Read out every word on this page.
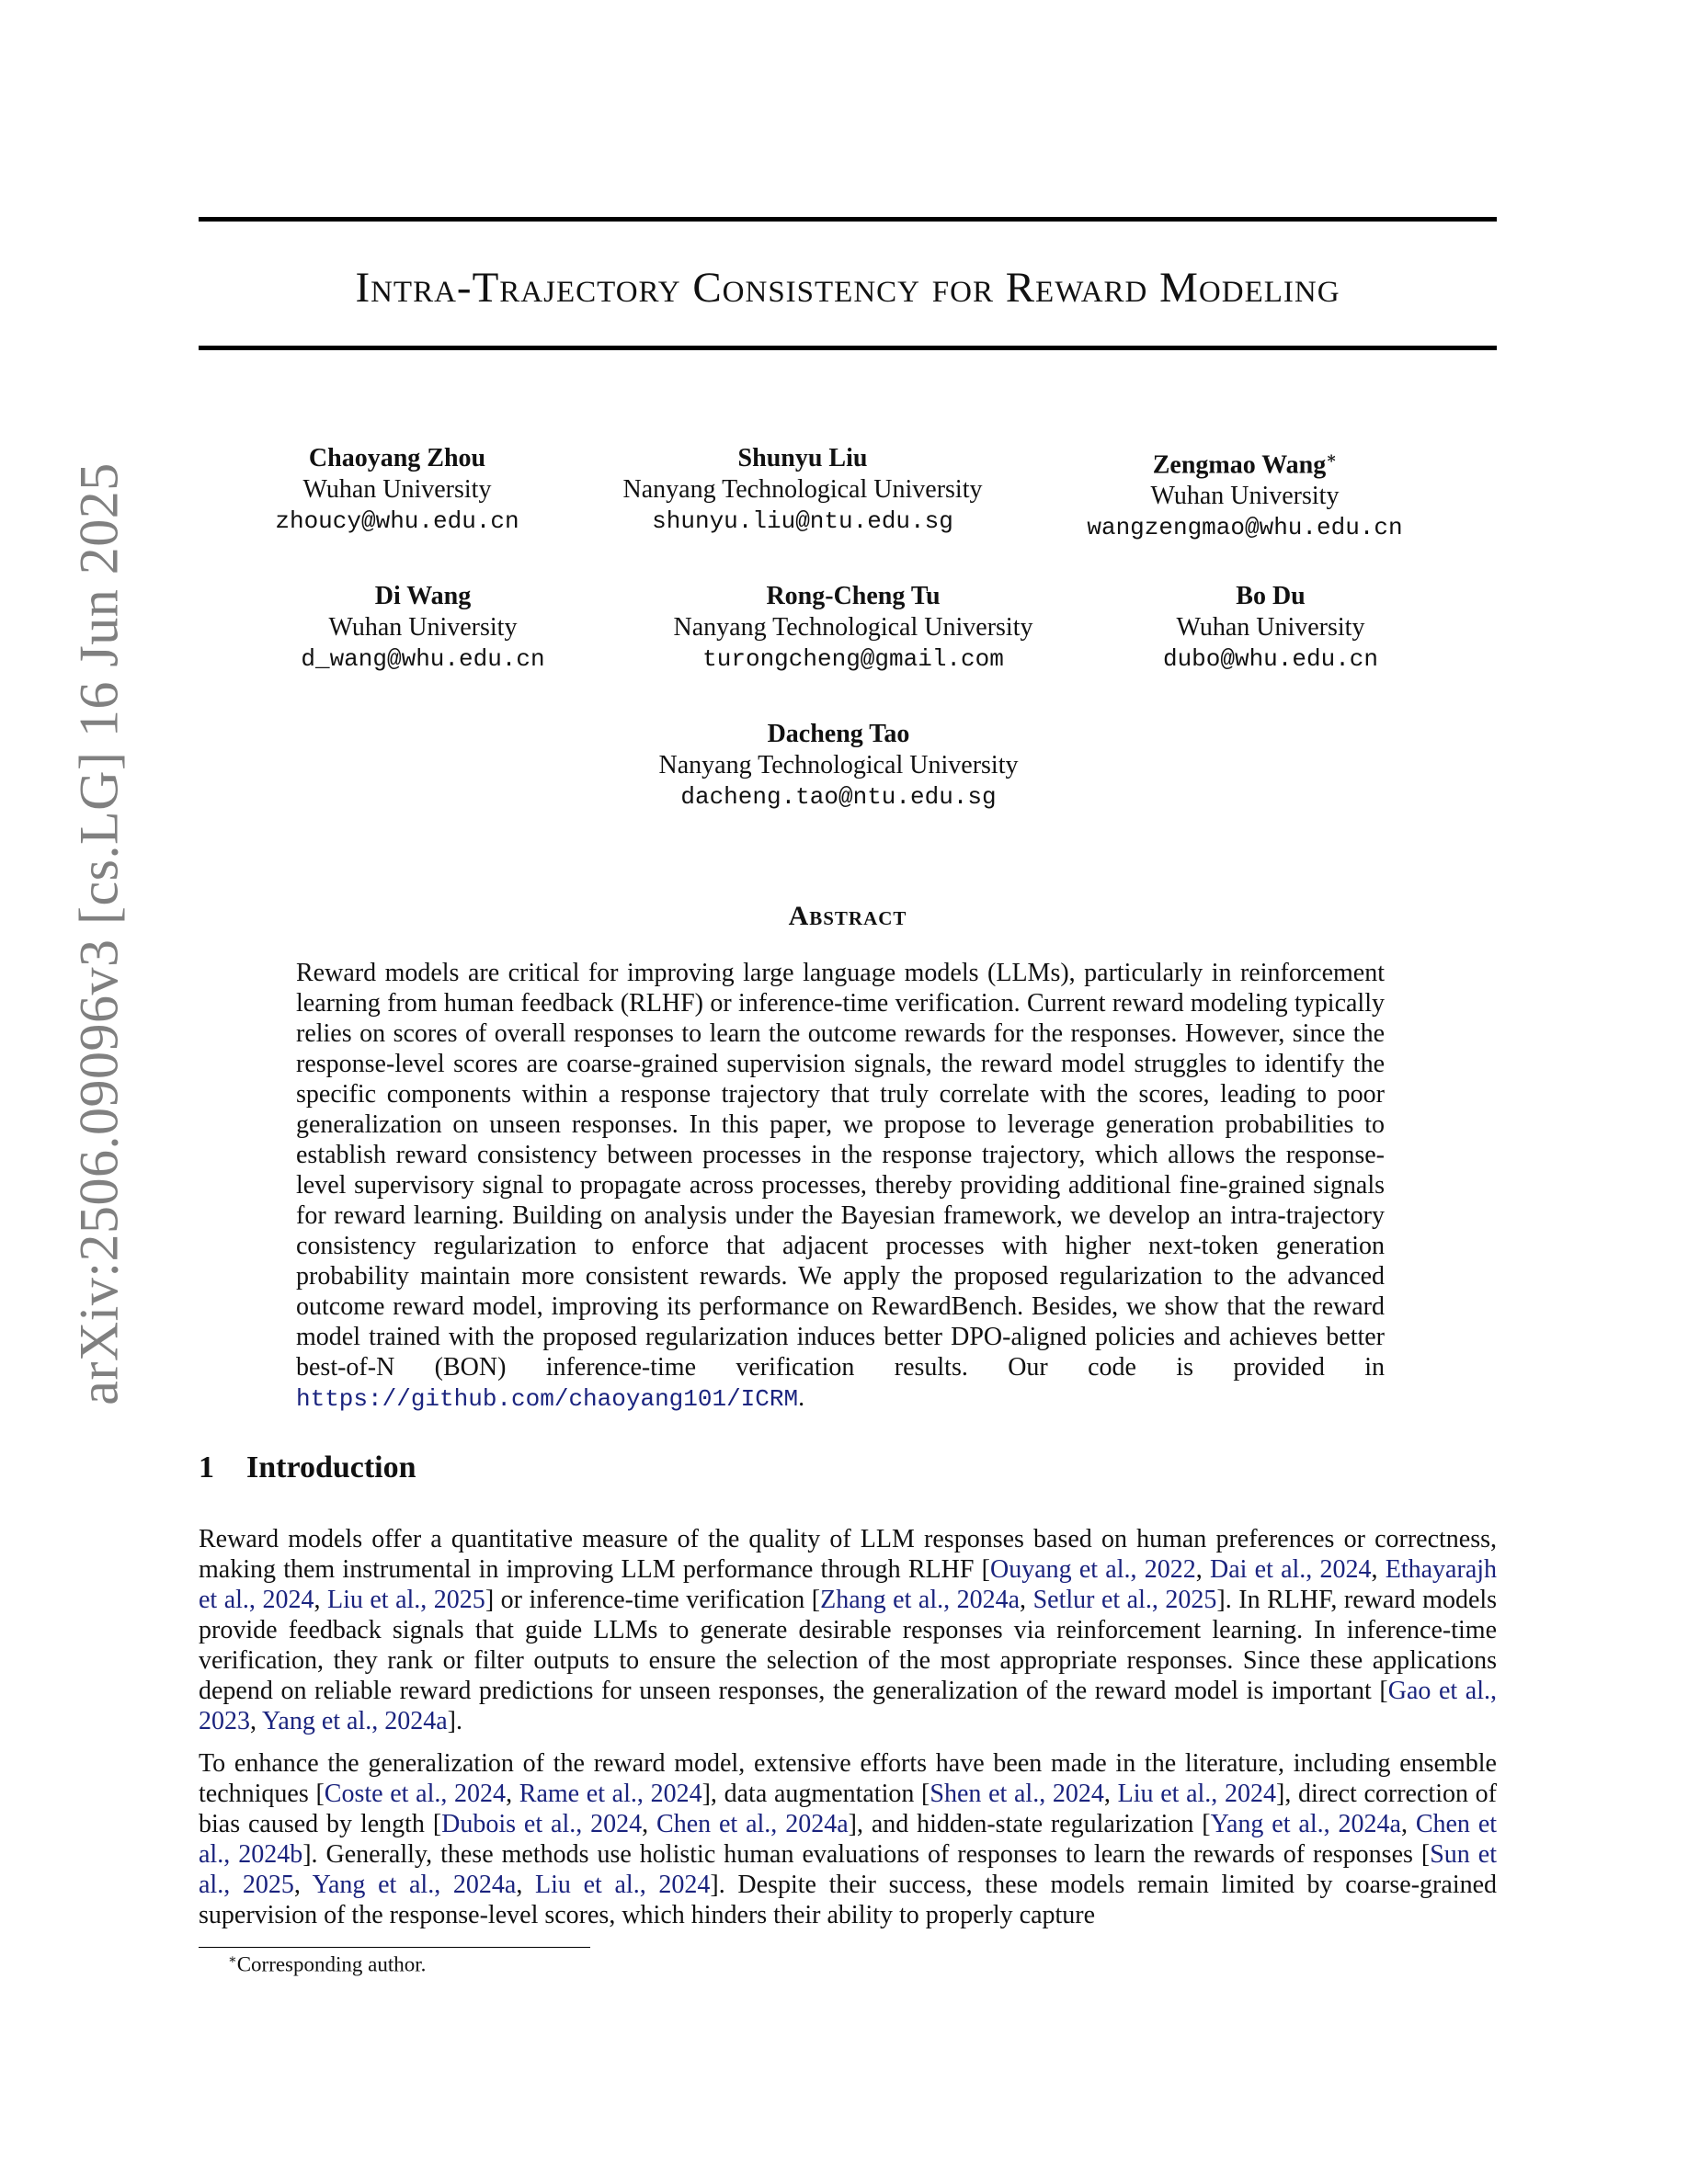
arXiv:2506.09096v3 [cs.LG] 16 Jun 2025
Intra-Trajectory Consistency for Reward Modeling
Chaoyang Zhou
Wuhan University
zhoucy@whu.edu.cn
Shunyu Liu
Nanyang Technological University
shunyu.liu@ntu.edu.sg
Zengmao Wang∗
Wuhan University
wangzengmao@whu.edu.cn
Di Wang
Wuhan University
d_wang@whu.edu.cn
Rong-Cheng Tu
Nanyang Technological University
turongcheng@gmail.com
Bo Du
Wuhan University
dubo@whu.edu.cn
Dacheng Tao
Nanyang Technological University
dacheng.tao@ntu.edu.sg
Abstract
Reward models are critical for improving large language models (LLMs), particularly in reinforcement learning from human feedback (RLHF) or inference-time verification. Current reward modeling typically relies on scores of overall responses to learn the outcome rewards for the responses. However, since the response-level scores are coarse-grained supervision signals, the reward model struggles to identify the specific components within a response trajectory that truly correlate with the scores, leading to poor generalization on unseen responses. In this paper, we propose to leverage generation probabilities to establish reward consistency between processes in the response trajectory, which allows the response-level supervisory signal to propagate across processes, thereby providing additional fine-grained signals for reward learning. Building on analysis under the Bayesian framework, we develop an intra-trajectory consistency regularization to enforce that adjacent processes with higher next-token generation probability maintain more consistent rewards. We apply the proposed regularization to the advanced outcome reward model, improving its performance on RewardBench. Besides, we show that the reward model trained with the proposed regularization induces better DPO-aligned policies and achieves better best-of-N (BON) inference-time verification results. Our code is provided in https://github.com/chaoyang101/ICRM.
1 Introduction
Reward models offer a quantitative measure of the quality of LLM responses based on human preferences or correctness, making them instrumental in improving LLM performance through RLHF [Ouyang et al., 2022, Dai et al., 2024, Ethayarajh et al., 2024, Liu et al., 2025] or inference-time verification [Zhang et al., 2024a, Setlur et al., 2025]. In RLHF, reward models provide feedback signals that guide LLMs to generate desirable responses via reinforcement learning. In inference-time verification, they rank or filter outputs to ensure the selection of the most appropriate responses. Since these applications depend on reliable reward predictions for unseen responses, the generalization of the reward model is important [Gao et al., 2023, Yang et al., 2024a].
To enhance the generalization of the reward model, extensive efforts have been made in the literature, including ensemble techniques [Coste et al., 2024, Rame et al., 2024], data augmentation [Shen et al., 2024, Liu et al., 2024], direct correction of bias caused by length [Dubois et al., 2024, Chen et al., 2024a], and hidden-state regularization [Yang et al., 2024a, Chen et al., 2024b]. Generally, these methods use holistic human evaluations of responses to learn the rewards of responses [Sun et al., 2025, Yang et al., 2024a, Liu et al., 2024]. Despite their success, these models remain limited by coarse-grained supervision of the response-level scores, which hinders their ability to properly capture
∗Corresponding author.
